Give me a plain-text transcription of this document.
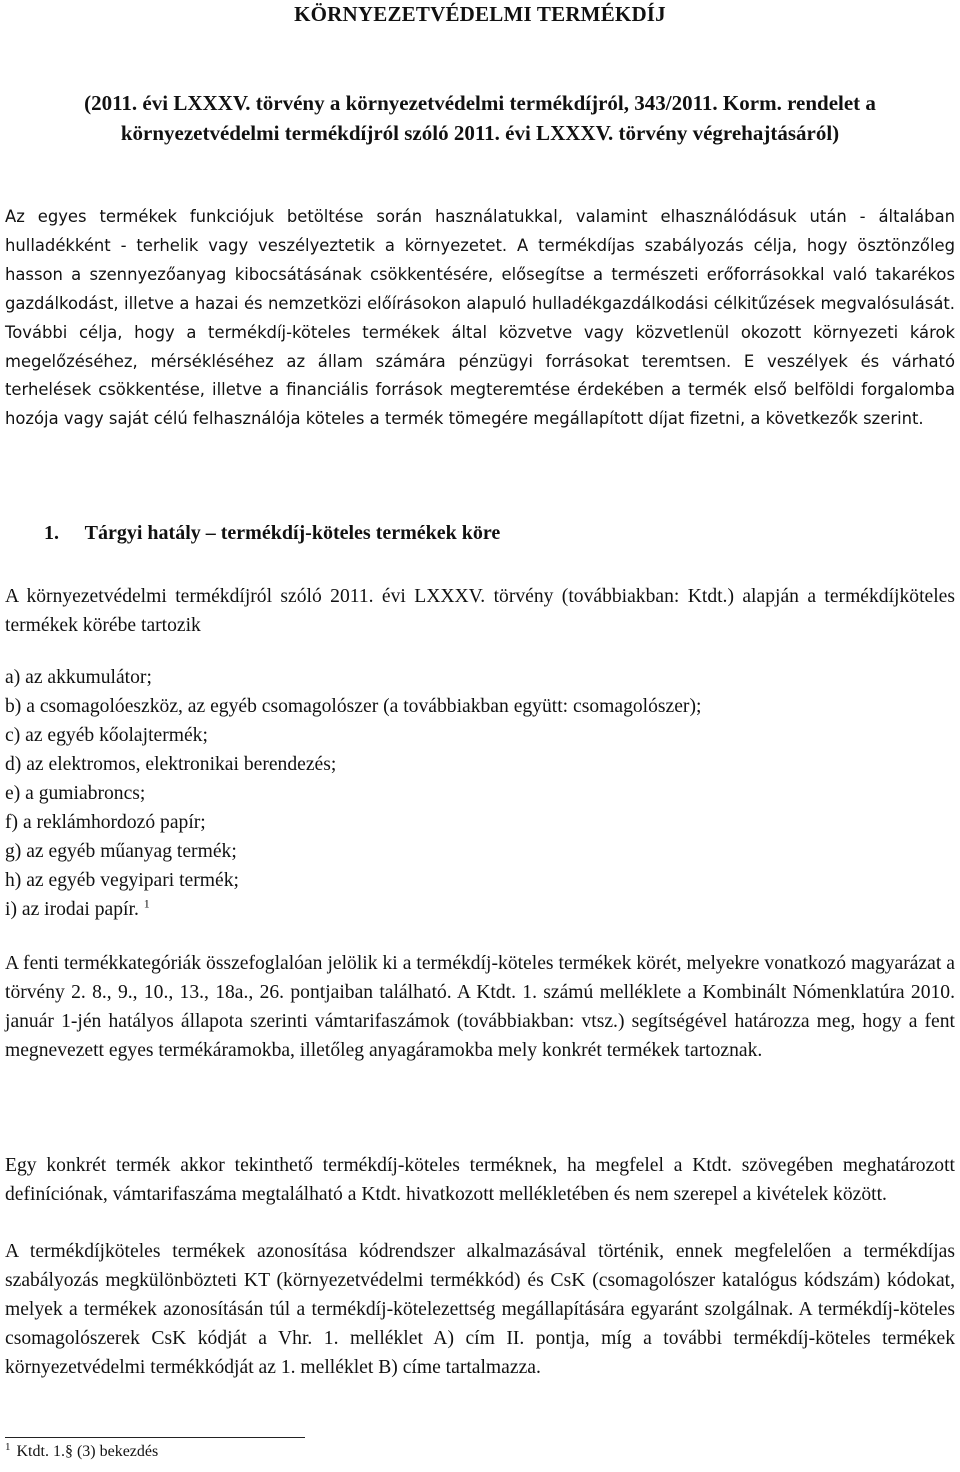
KÖRNYEZETVÉDELMI TERMÉKDÍJ
(2011. évi LXXXV. törvény a környezetvédelmi termékdíjról, 343/2011. Korm. rendelet a környezetvédelmi termékdíjról szóló 2011. évi LXXXV. törvény végrehajtásáról)
Az egyes termékek funkciójuk betöltése során használatukkal, valamint elhasználódásuk után - általában hulladékként - terhelik vagy veszélyeztetik a környezetet. A termékdíjas szabályozás célja, hogy ösztönzőleg hasson a szennyezőanyag kibocsátásának csökkentésére, elősegítse a természeti erőforrásokkal való takarékos gazdálkodást, illetve a hazai és nemzetközi előírásokon alapuló hulladékgazdálkodási célkitűzések megvalósulását. További célja, hogy a termékdíj-köteles termékek által közvetve vagy közvetlenül okozott környezeti károk megelőzéséhez, mérsékléséhez az állam számára pénzügyi forrásokat teremtsen. E veszélyek és várható terhelések csökkentése, illetve a financiális források megteremtése érdekében a termék első belföldi forgalomba hozója vagy saját célú felhasználója köteles a termék tömegére megállapított díjat fizetni, a következők szerint.
1. Tárgyi hatály – termékdíj-köteles termékek köre
A környezetvédelmi termékdíjról szóló 2011. évi LXXXV. törvény (továbbiakban: Ktdt.) alapján a termékdíjköteles termékek körébe tartozik
a) az akkumulátor;
b) a csomagolóeszköz, az egyéb csomagolószer (a továbbiakban együtt: csomagolószer);
c) az egyéb kőolajtermék;
d) az elektromos, elektronikai berendezés;
e) a gumiabroncs;
f) a reklámhordozó papír;
g) az egyéb műanyag termék;
h) az egyéb vegyipari termék;
i) az irodai papír. $^1$
A fenti termékkategóriák összefoglalóan jelölik ki a termékdíj-köteles termékek körét, melyekre vonatkozó magyarázat a törvény 2. 8., 9., 10., 13., 18a., 26. pontjaiban található. A Ktdt. 1. számú melléklete a Kombinált Nómenklatúra 2010. január 1-jén hatályos állapota szerinti vámtarifaszámok (továbbiakban: vtsz.) segítségével határozza meg, hogy a fent megnevezett egyes termékáramokba, illetőleg anyagáramokba mely konkrét termékek tartoznak.
Egy konkrét termék akkor tekinthető termékdíj-köteles terméknek, ha megfelel a Ktdt. szövegében meghatározott definíciónak, vámtarifaszáma megtalálható a Ktdt. hivatkozott mellékletében és nem szerepel a kivételek között.
A termékdíjköteles termékek azonosítása kódrendszer alkalmazásával történik, ennek megfelelően a termékdíjas szabályozás megkülönbözteti KT (környezetvédelmi termékkód) és CsK (csomagolószer katalógus kódszám) kódokat, melyek a termékek azonosításán túl a termékdíj-kötelezettség megállapítására egyaránt szolgálnak. A termékdíj-köteles csomagolószerek CsK kódját a Vhr. 1. melléklet A) cím II. pontja, míg a további termékdíj-köteles termékek környezetvédelmi termékkódját az 1. melléklet B) címe tartalmazza.
$^1$ Ktdt. 1.§ (3) bekezdés
